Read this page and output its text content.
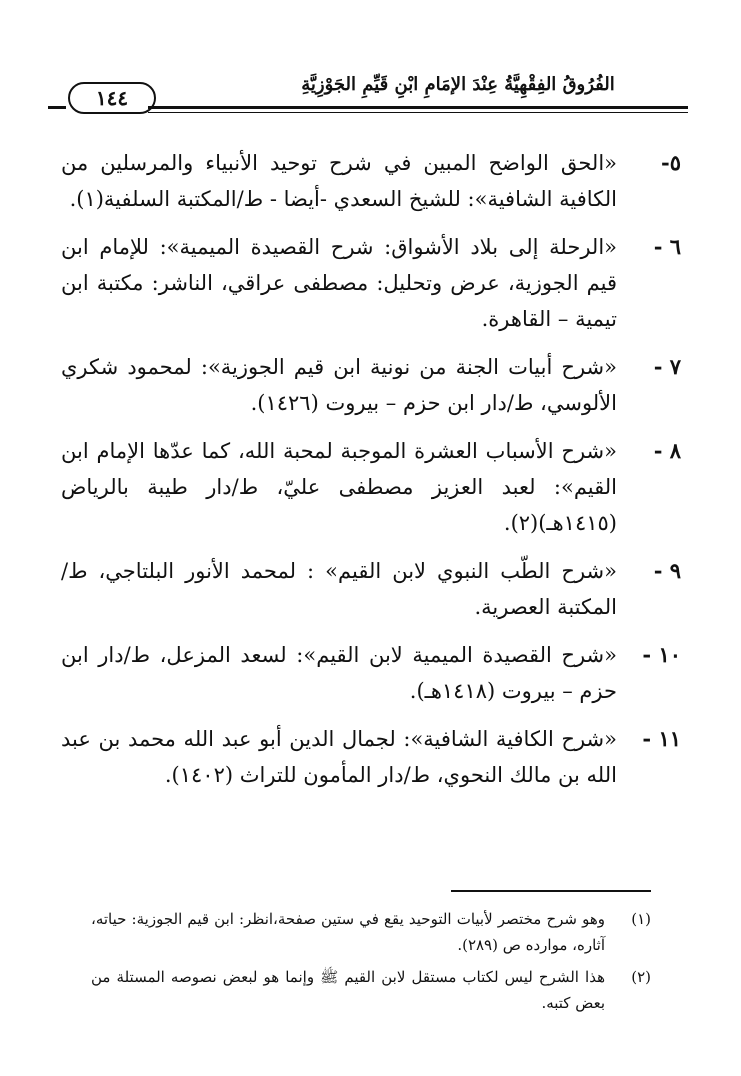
الفُرُوقُ الفِقْهِيَّةُ عِنْدَ الإمَامِ ابْنِ قَيِّمِ الجَوْزِيَّةِ
١٤٤
٥-
«الحق الواضح المبين في شرح توحيد الأنبياء والمرسلين من الكافية الشافية»: للشيخ السعدي -أيضا - ط/المكتبة السلفية(١).
٦ -
«الرحلة إلى بلاد الأشواق: شرح القصيدة الميمية»: للإمام ابن قيم الجوزية، عرض وتحليل: مصطفى عراقي، الناشر: مكتبة ابن تيمية – القاهرة.
٧ -
«شرح أبيات الجنة من نونية ابن قيم الجوزية»: لمحمود شكري الألوسي، ط/دار ابن حزم – بيروت (١٤٢٦).
٨ -
«شرح الأسباب العشرة الموجبة لمحبة الله، كما عدّها الإمام ابن القيم»: لعبد العزيز مصطفى عليّ، ط/دار طيبة بالرياض (١٤١٥هـ)(٢).
٩ -
«شرح الطّب النبوي لابن القيم» : لمحمد الأنور البلتاجي، ط/ المكتبة العصرية.
١٠ -
«شرح القصيدة الميمية لابن القيم»: لسعد المزعل، ط/دار ابن حزم – بيروت (١٤١٨هـ).
١١ -
«شرح الكافية الشافية»: لجمال الدين أبو عبد الله محمد بن عبد الله بن مالك النحوي، ط/دار المأمون للتراث (١٤٠٢).
(١)
وهو شرح مختصر لأبيات التوحيد يقع في ستين صفحة،انظر: ابن قيم الجوزية: حياته، آثاره، موارده ص (٢٨٩).
(٢)
هذا الشرح ليس لكتاب مستقل لابن القيم ﷺ وإنما هو لبعض نصوصه المستلة من بعض كتبه.
